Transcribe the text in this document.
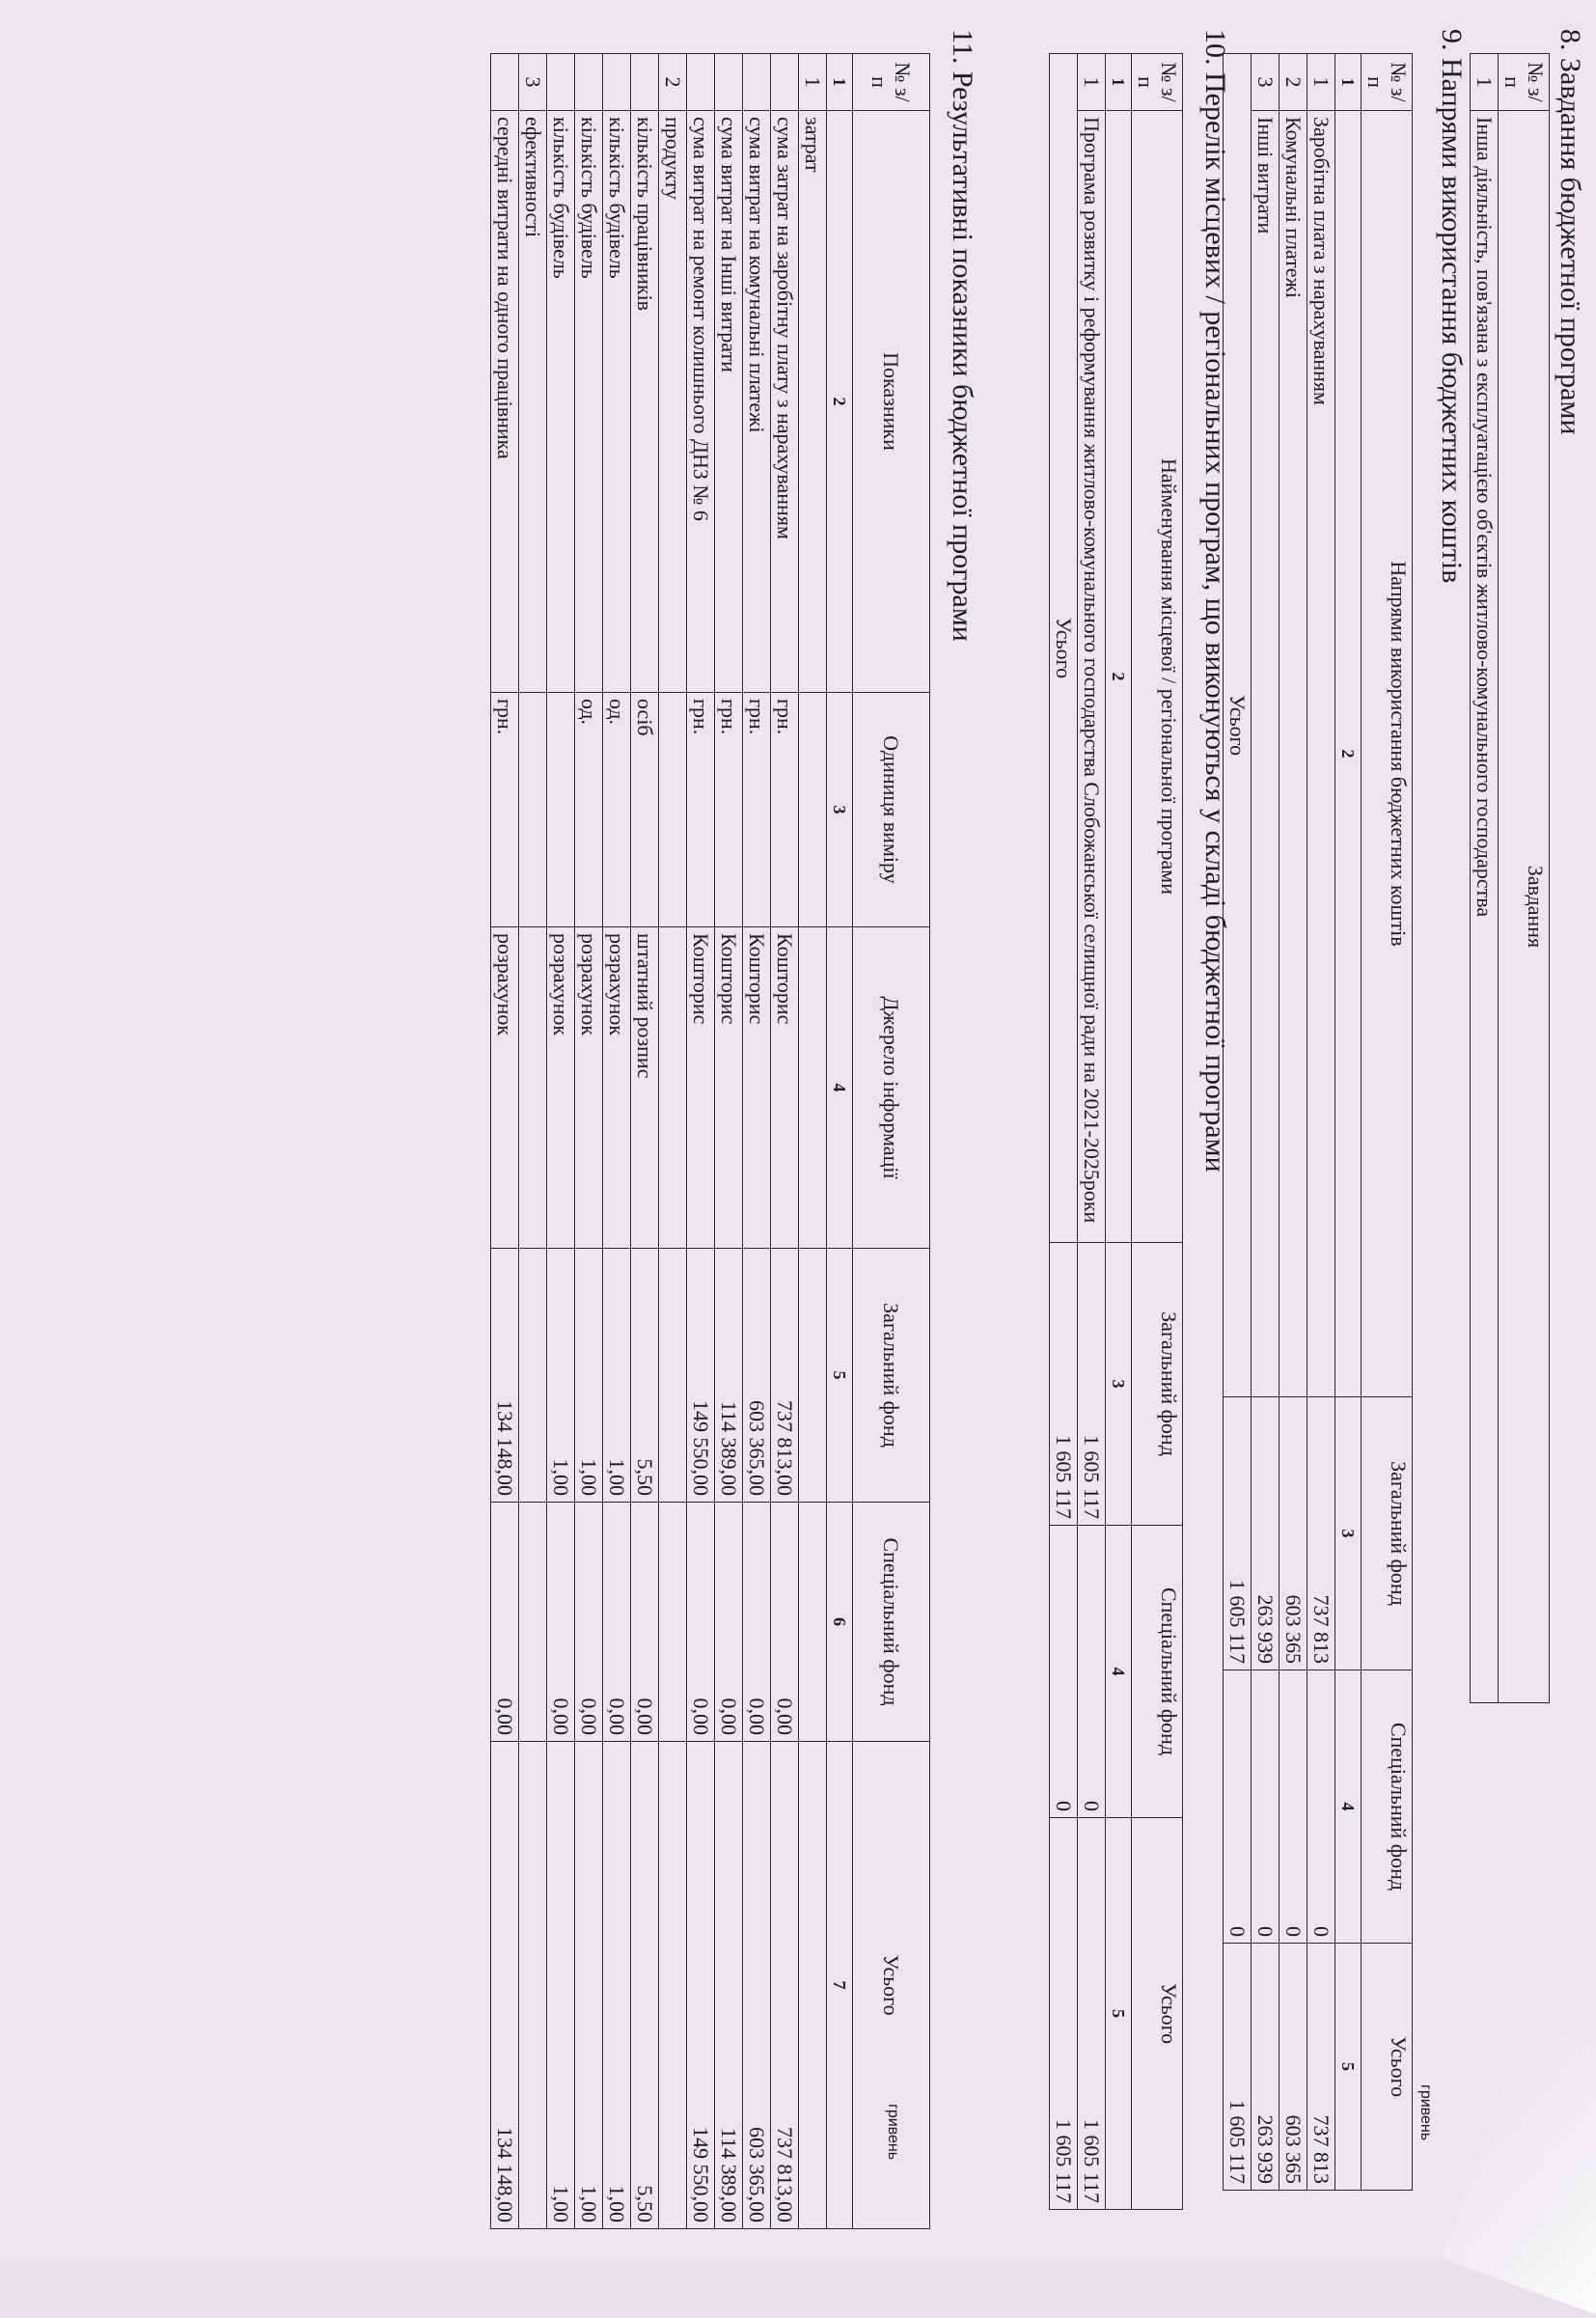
8. Завдання бюджетної програми
№ з/п	Завдання
1	Інша діяльність, пов'язана з експлуатацією об'єктів житлово-комунального господарства
9. Напрями використання бюджетних коштів
гривень
№ з/п	Напрями використання бюджетних коштів	Загальний фонд	Спеціальний фонд	Усього
1	2	3	4	5
1	Заробітна плата з нарахуванням	737 813	0	737 813
2	Комунальні платежі	603 365	0	603 365
3	Інші витрати	263 939	0	263 939
Усього		1 605 117	0	1 605 117
10. Перелік місцевих / регіональних програм, що виконуються у складі бюджетної програми
гривень
№ з/п	Найменування місцевої / регіональної програми	Загальний фонд	Спеціальний фонд	Усього
1	2	3	4	5
1	Програма розвитку і реформування житлово-комунального господарства Слобожанської селищної ради на 2021-2025роки	1 605 117	0	1 605 117
Усього		1 605 117	0	1 605 117
11. Результативні показники бюджетної програми
№ з/п	Показники	Одиниця виміру	Джерело інформації	Загальний фонд	Спеціальний фонд	Усього
1	2	3	4	5	6	7
1	затрат					
	сума затрат на заробітну плату з нарахуванням	грн.	Кошторис	737 813,00	0,00	737 813,00
	сума витрат на комунальні платежі	грн.	Кошторис	603 365,00	0,00	603 365,00
	сума витрат на Інші витрати	грн.	Кошторис	114 389,00	0,00	114 389,00
	сума витрат на ремонт колишнього ДНЗ № 6	грн.	Кошторис	149 550,00	0,00	149 550,00
2	продукту					
	кількість працівників	осіб	штатний розпис	5,50	0,00	5,50
	кількість будівель	од.	розрахунок	1,00	0,00	1,00
	кількість будівель	од.	розрахунок	1,00	0,00	1,00
	кількість будівель		розрахунок	1,00	0,00	1,00
3	ефективності					
	середні витрати на одного працівника	грн.	розрахунок	134 148,00	0,00	134 148,00
